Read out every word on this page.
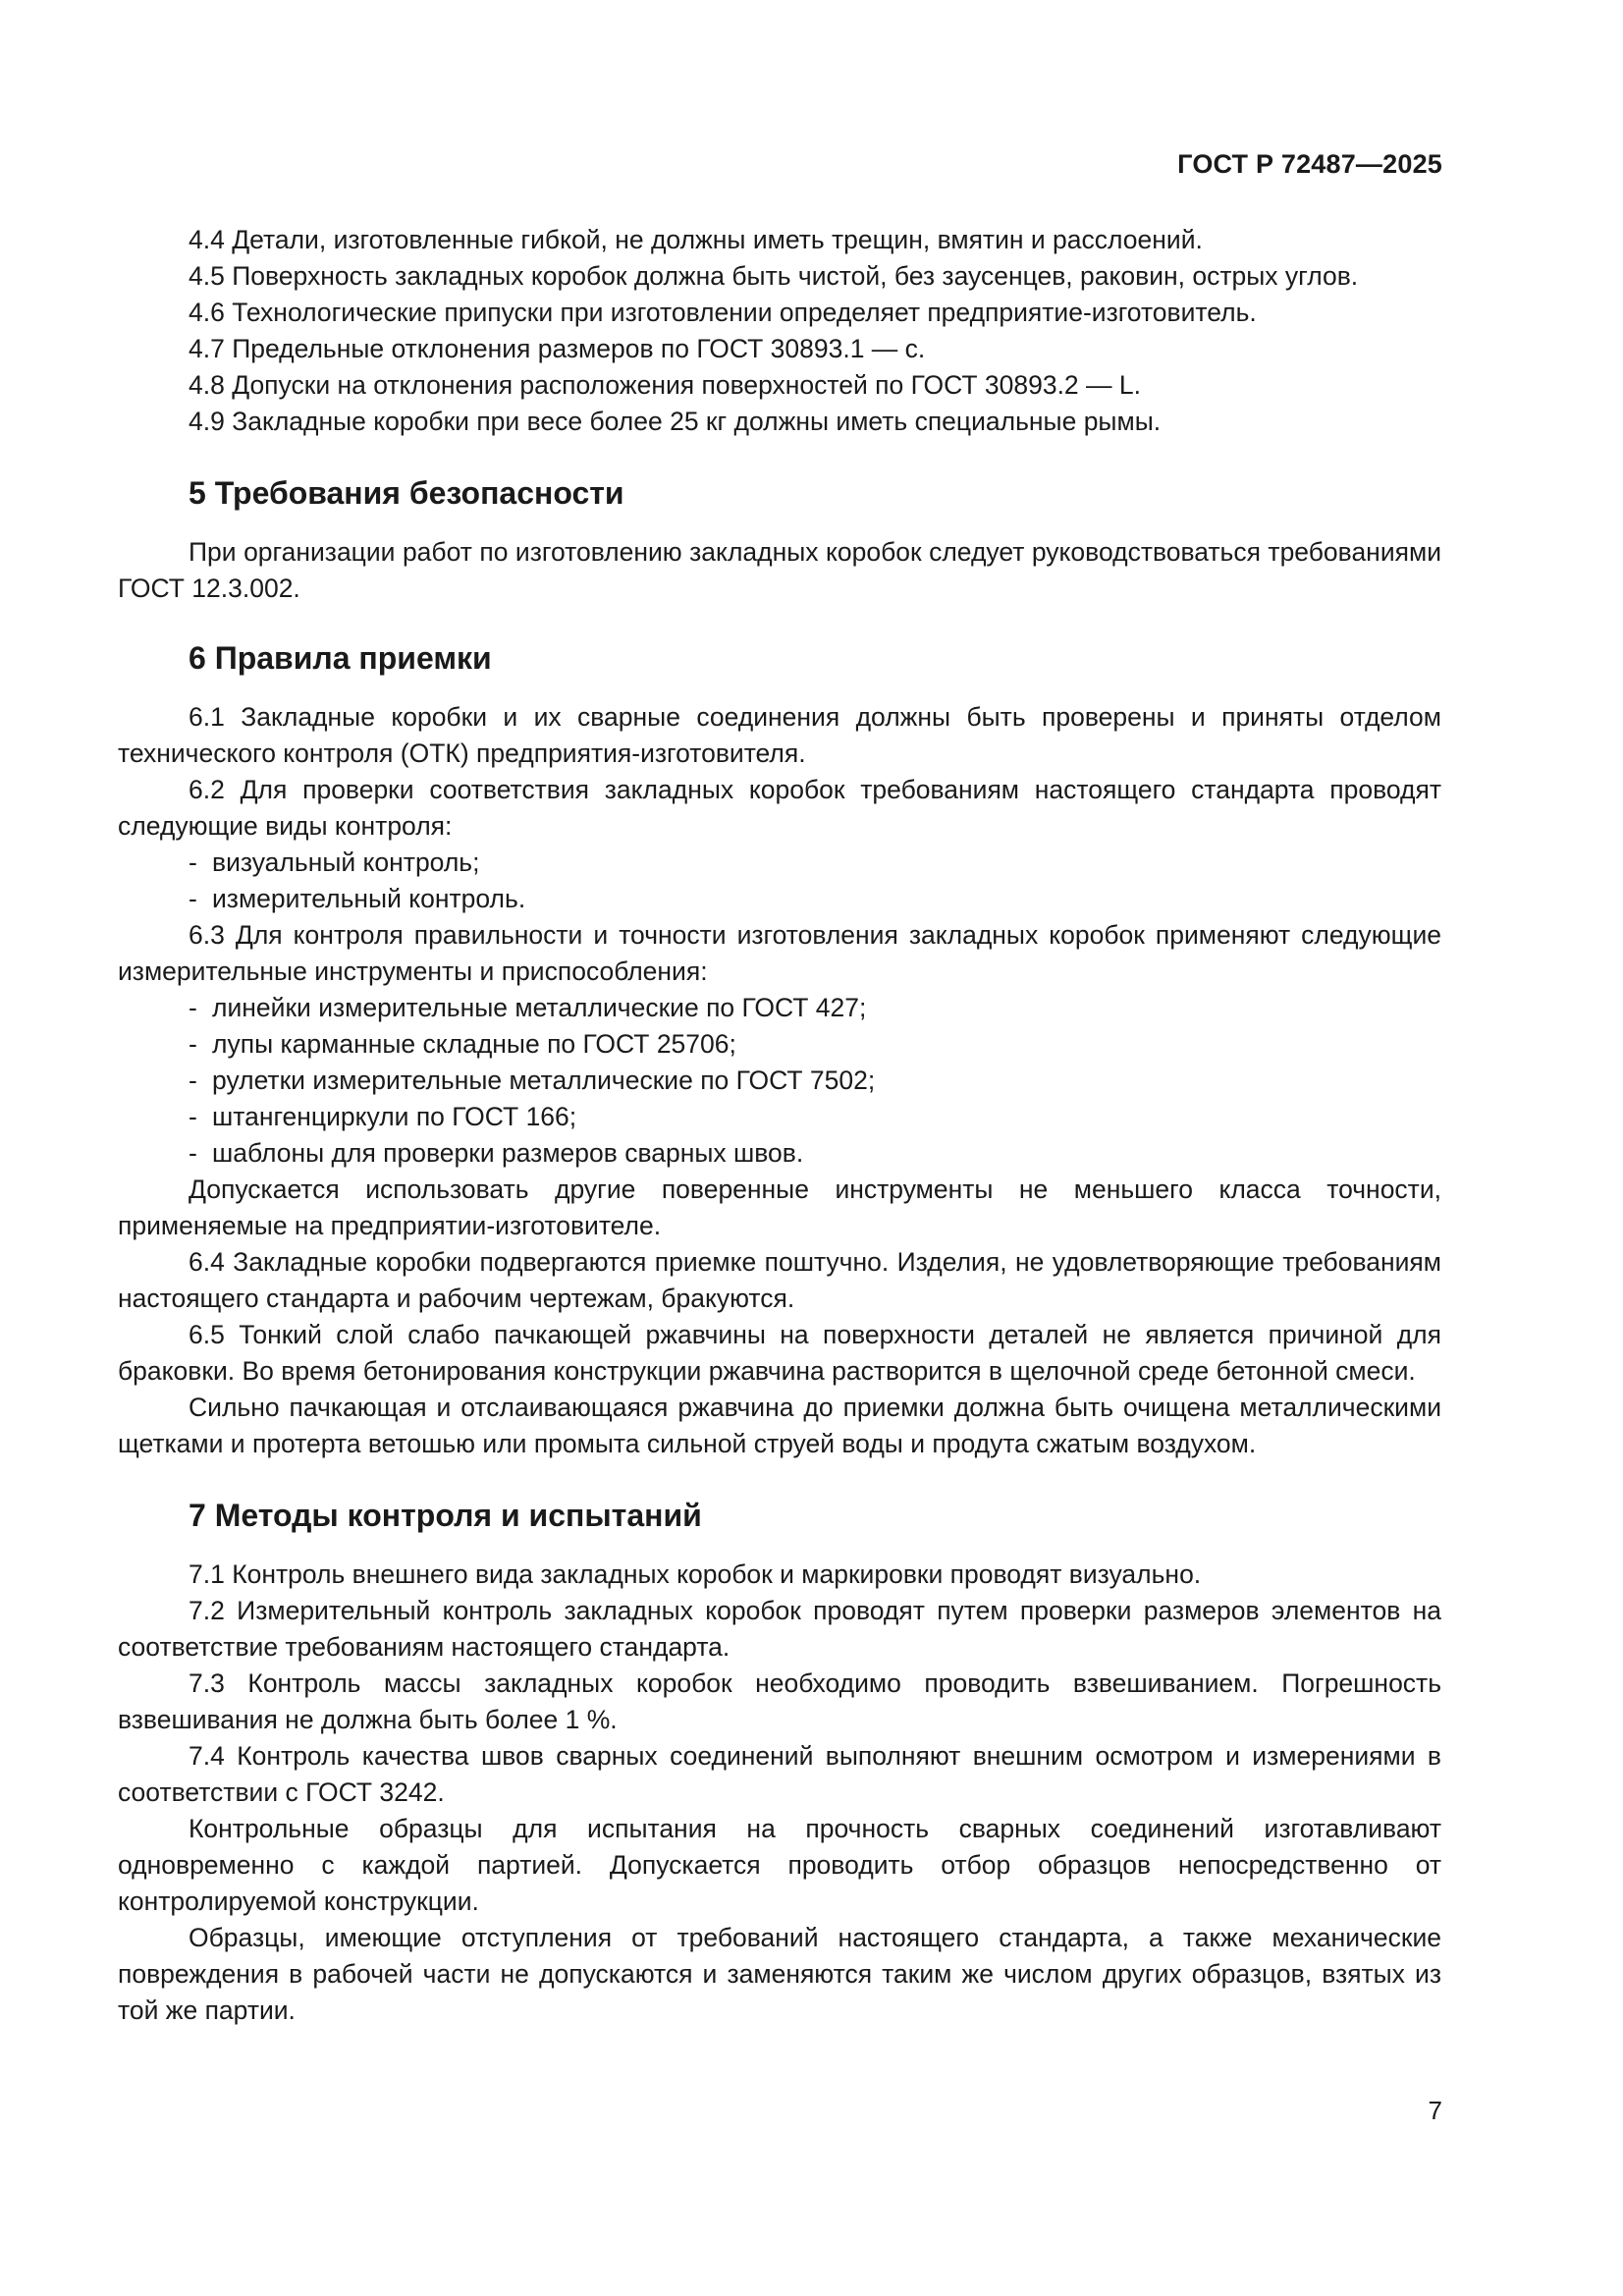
ГОСТ Р 72487—2025

4.4 Детали, изготовленные гибкой, не должны иметь трещин, вмятин и расслоений.

4.5 Поверхность закладных коробок должна быть чистой, без заусенцев, раковин, острых углов.

4.6 Технологические припуски при изготовлении определяет предприятие-изготовитель.

4.7 Предельные отклонения размеров по ГОСТ 30893.1 — c.

4.8 Допуски на отклонения расположения поверхностей по ГОСТ 30893.2 — L.

4.9 Закладные коробки при весе более 25 кг должны иметь специальные рымы.

5 Требования безопасности

При организации работ по изготовлению закладных коробок следует руководствоваться требованиями ГОСТ 12.3.002.

6 Правила приемки

6.1 Закладные коробки и их сварные соединения должны быть проверены и приняты отделом технического контроля (ОТК) предприятия-изготовителя.

6.2 Для проверки соответствия закладных коробок требованиям настоящего стандарта проводят следующие виды контроля:

- визуальный контроль;

- измерительный контроль.

6.3 Для контроля правильности и точности изготовления закладных коробок применяют следующие измерительные инструменты и приспособления:

- линейки измерительные металлические по ГОСТ 427;

- лупы карманные складные по ГОСТ 25706;

- рулетки измерительные металлические по ГОСТ 7502;

- штангенциркули по ГОСТ 166;

- шаблоны для проверки размеров сварных швов.

Допускается использовать другие поверенные инструменты не меньшего класса точности, применяемые на предприятии-изготовителе.

6.4 Закладные коробки подвергаются приемке поштучно. Изделия, не удовлетворяющие требованиям настоящего стандарта и рабочим чертежам, бракуются.

6.5 Тонкий слой слабо пачкающей ржавчины на поверхности деталей не является причиной для браковки. Во время бетонирования конструкции ржавчина растворится в щелочной среде бетонной смеси.

Сильно пачкающая и отслаивающаяся ржавчина до приемки должна быть очищена металлическими щетками и протерта ветошью или промыта сильной струей воды и продута сжатым воздухом.

7 Методы контроля и испытаний

7.1 Контроль внешнего вида закладных коробок и маркировки проводят визуально.

7.2 Измерительный контроль закладных коробок проводят путем проверки размеров элементов на соответствие требованиям настоящего стандарта.

7.3 Контроль массы закладных коробок необходимо проводить взвешиванием. Погрешность взвешивания не должна быть более 1 %.

7.4 Контроль качества швов сварных соединений выполняют внешним осмотром и измерениями в соответствии с ГОСТ 3242.

Контрольные образцы для испытания на прочность сварных соединений изготавливают одновременно с каждой партией. Допускается проводить отбор образцов непосредственно от контролируемой конструкции.

Образцы, имеющие отступления от требований настоящего стандарта, а также механические повреждения в рабочей части не допускаются и заменяются таким же числом других образцов, взятых из той же партии.

7
